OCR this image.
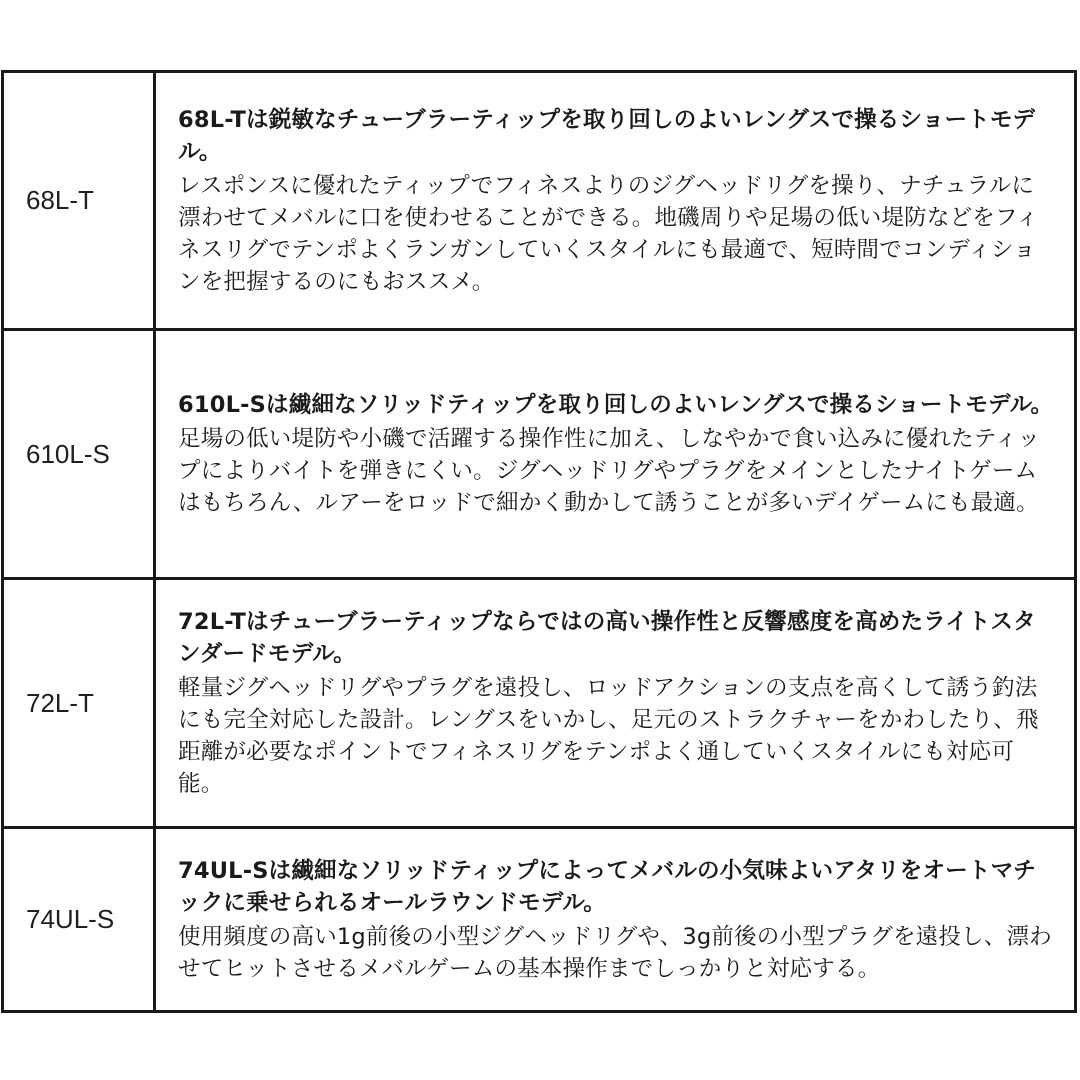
68L-T	68L-Tは鋭敏なチューブラーティップを取り回しのよいレングスで操るショートモデル。
レスポンスに優れたティップでフィネスよりのジグヘッドリグを操り、ナチュラルに漂わせてメバルに口を使わせることができる。地磯周りや足場の低い堤防などをフィネスリグでテンポよくランガンしていくスタイルにも最適で、短時間でコンディションを把握するのにもおススメ。

610L-S	610L-Sは繊細なソリッドティップを取り回しのよいレングスで操るショートモデル。
足場の低い堤防や小磯で活躍する操作性に加え、しなやかで食い込みに優れたティップによりバイトを弾きにくい。ジグヘッドリグやプラグをメインとしたナイトゲームはもちろん、ルアーをロッドで細かく動かして誘うことが多いデイゲームにも最適。

72L-T	72L-Tはチューブラーティップならではの高い操作性と反響感度を高めたライトスタンダードモデル。
軽量ジグヘッドリグやプラグを遠投し、ロッドアクションの支点を高くして誘う釣法にも完全対応した設計。レングスをいかし、足元のストラクチャーをかわしたり、飛距離が必要なポイントでフィネスリグをテンポよく通していくスタイルにも対応可能。

74UL-S	74UL-Sは繊細なソリッドティップによってメバルの小気味よいアタリをオートマチックに乗せられるオールラウンドモデル。
使用頻度の高い1g前後の小型ジグヘッドリグや、3g前後の小型プラグを遠投し、漂わせてヒットさせるメバルゲームの基本操作までしっかりと対応する。
